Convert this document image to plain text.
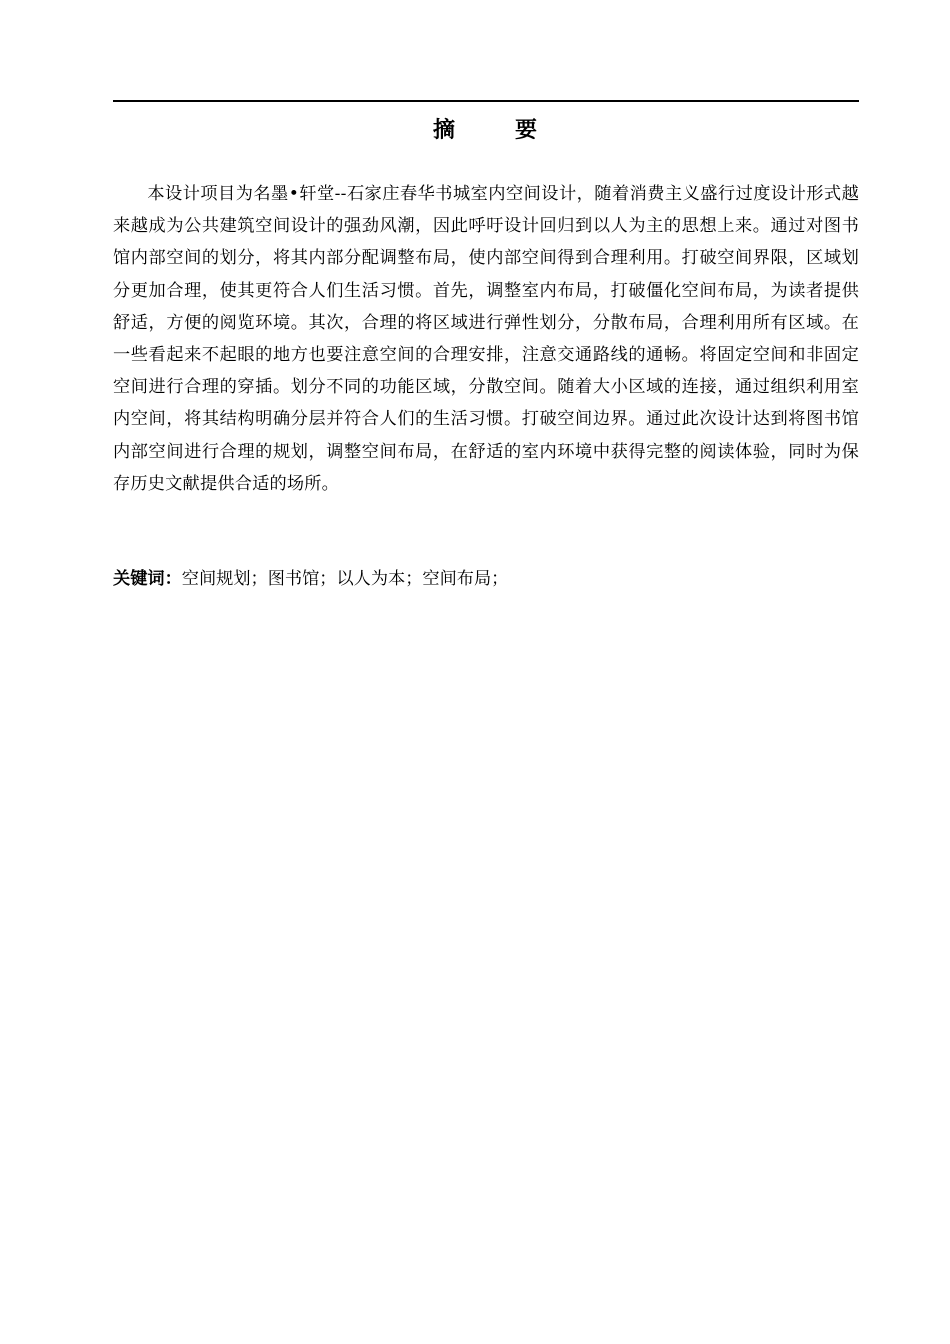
摘      要

本设计项目为名墨•轩堂--石家庄春华书城室内空间设计，随着消费主义盛行过度设计形式越来越成为公共建筑空间设计的强劲风潮，因此呼吁设计回归到以人为主的思想上来。通过对图书馆内部空间的划分，将其内部分配调整布局，使内部空间得到合理利用。打破空间界限，区域划分更加合理，使其更符合人们生活习惯。首先，调整室内布局，打破僵化空间布局，为读者提供舒适，方便的阅览环境。其次，合理的将区域进行弹性划分，分散布局，合理利用所有区域。在一些看起来不起眼的地方也要注意空间的合理安排，注意交通路线的通畅。将固定空间和非固定空间进行合理的穿插。划分不同的功能区域，分散空间。随着大小区域的连接，通过组织利用室内空间，将其结构明确分层并符合人们的生活习惯。打破空间边界。通过此次设计达到将图书馆内部空间进行合理的规划，调整空间布局，在舒适的室内环境中获得完整的阅读体验，同时为保存历史文献提供合适的场所。

关键词：空间规划；图书馆；以人为本；空间布局；
